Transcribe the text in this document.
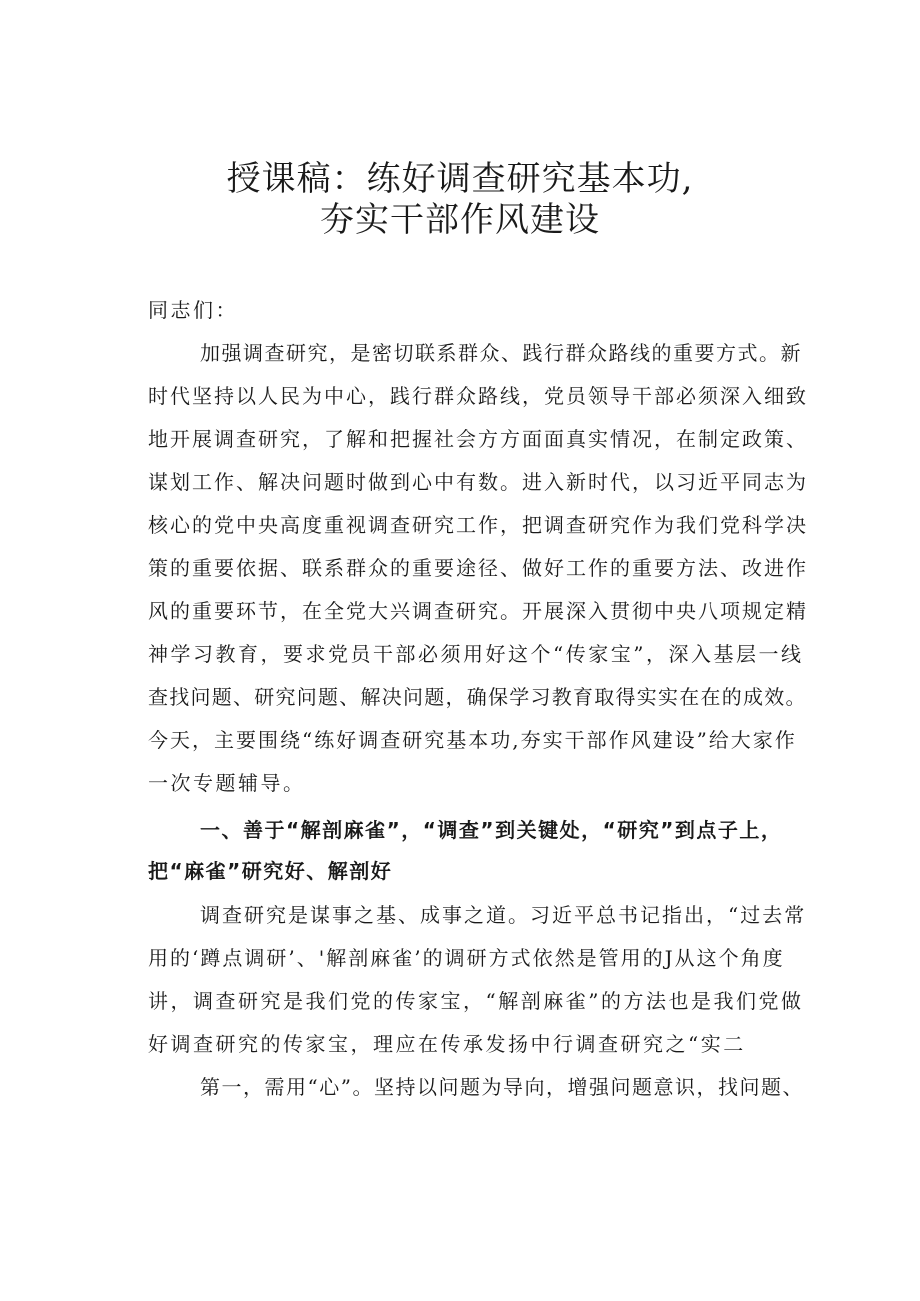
授课稿：练好调查研究基本功,
夯实干部作风建设
同志们：
加强调查研究，是密切联系群众、践行群众路线的重要方式。新
时代坚持以人民为中心，践行群众路线，党员领导干部必须深入细致
地开展调查研究，了解和把握社会方方面面真实情况，在制定政策、
谋划工作、解决问题时做到心中有数。进入新时代，以习近平同志为
核心的党中央高度重视调查研究工作，把调查研究作为我们党科学决
策的重要依据、联系群众的重要途径、做好工作的重要方法、改进作
风的重要环节，在全党大兴调查研究。开展深入贯彻中央八项规定精
神学习教育，要求党员干部必须用好这个“传家宝”，深入基层一线
查找问题、研究问题、解决问题，确保学习教育取得实实在在的成效。
今天，主要围绕“练好调查研究基本功,夯实干部作风建设”给大家作
一次专题辅导。
一、善于“解剖麻雀”，“调查”到关键处，“研究”到点子上，
把“麻雀”研究好、解剖好
调查研究是谋事之基、成事之道。习近平总书记指出，“过去常
用的‘蹲点调研’、'解剖麻雀’的调研方式依然是管用的J从这个角度
讲，调查研究是我们党的传家宝，“解剖麻雀”的方法也是我们党做
好调查研究的传家宝，理应在传承发扬中行调查研究之“实二
第一，需用“心”。坚持以问题为导向，增强问题意识，找问题、
